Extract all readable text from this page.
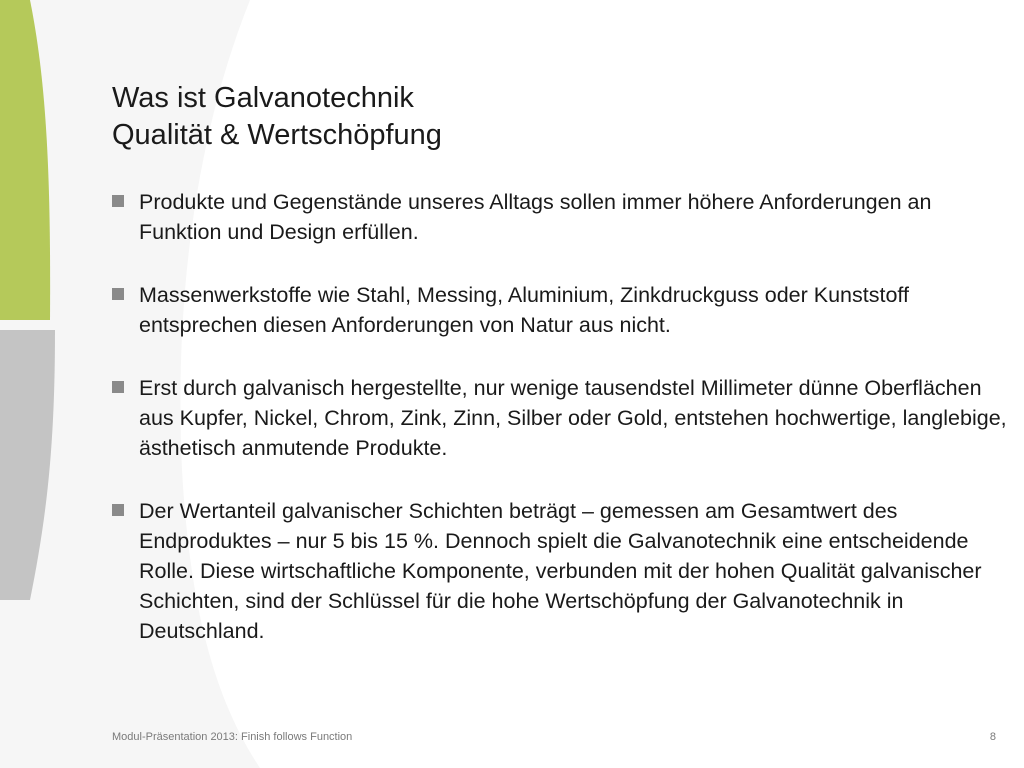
Was ist Galvanotechnik
Qualität & Wertschöpfung
Produkte und Gegenstände unseres Alltags sollen immer höhere Anforderungen an Funktion und Design erfüllen.
Massenwerkstoffe wie Stahl, Messing, Aluminium, Zinkdruckguss oder Kunststoff entsprechen diesen Anforderungen von Natur aus nicht.
Erst durch galvanisch hergestellte, nur wenige tausendstel Millimeter dünne Oberflächen aus Kupfer, Nickel, Chrom, Zink, Zinn, Silber oder Gold, entstehen hochwertige, langlebige, ästhetisch anmutende Produkte.
Der Wertanteil galvanischer Schichten beträgt – gemessen am Gesamtwert des Endproduktes – nur 5 bis 15 %. Dennoch spielt die Galvanotechnik eine entscheidende Rolle. Diese wirtschaftliche Komponente, verbunden mit der hohen Qualität galvanischer Schichten, sind der Schlüssel für die hohe Wertschöpfung der Galvanotechnik in Deutschland.
Modul-Präsentation 2013: Finish follows Function	8
